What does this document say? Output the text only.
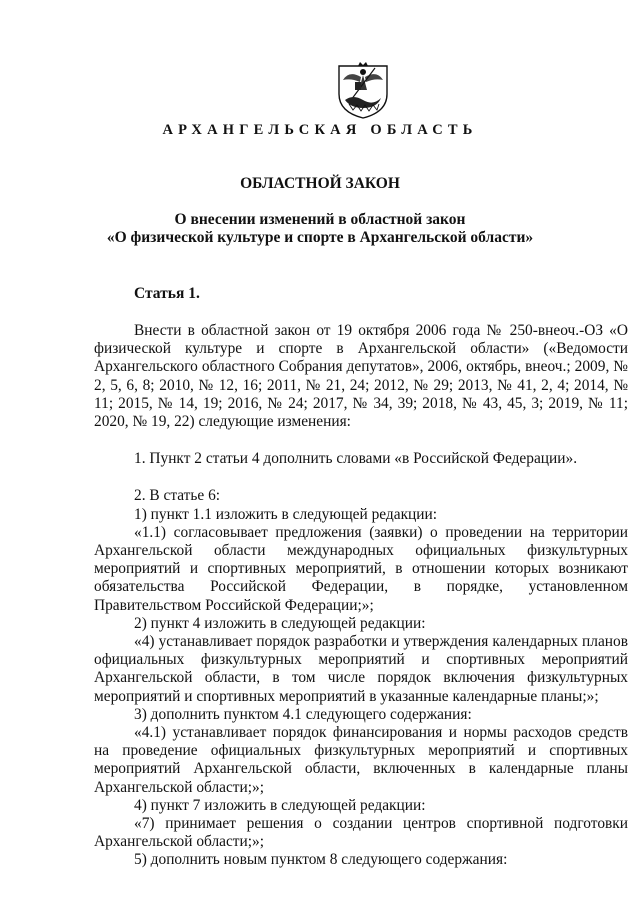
АРХАНГЕЛЬСКАЯ ОБЛАСТЬ
ОБЛАСТНОЙ ЗАКОН
О внесении изменений в областной закон
«О физической культуре и спорте в Архангельской области»
Статья 1.

Внести в областной закон от 19 октября 2006 года № 250-внеоч.-ОЗ «О физической культуре и спорте в Архангельской области» («Ведомости Архангельского областного Собрания депутатов», 2006, октябрь, внеоч.; 2009, № 2, 5, 6, 8; 2010, № 12, 16; 2011, № 21, 24; 2012, № 29; 2013, № 41, 2, 4; 2014, № 11; 2015, № 14, 19; 2016, № 24; 2017, № 34, 39; 2018, № 43, 45, 3; 2019, № 11; 2020, № 19, 22) следующие изменения:

1. Пункт 2 статьи 4 дополнить словами «в Российской Федерации».

2. В статье 6:

1) пункт 1.1 изложить в следующей редакции:

«1.1) согласовывает предложения (заявки) о проведении на территории Архангельской области международных официальных физкультурных мероприятий и спортивных мероприятий, в отношении которых возникают обязательства Российской Федерации, в порядке, установленном Правительством Российской Федерации;»;

2) пункт 4 изложить в следующей редакции:

«4) устанавливает порядок разработки и утверждения календарных планов официальных физкультурных мероприятий и спортивных мероприятий Архангельской области, в том числе порядок включения физкультурных мероприятий и спортивных мероприятий в указанные календарные планы;»;

3) дополнить пунктом 4.1 следующего содержания:

«4.1) устанавливает порядок финансирования и нормы расходов средств на проведение официальных физкультурных мероприятий и спортивных мероприятий Архангельской области, включенных в календарные планы Архангельской области;»;

4) пункт 7 изложить в следующей редакции:

«7) принимает решения о создании центров спортивной подготовки Архангельской области;»;

5) дополнить новым пунктом 8 следующего содержания:
